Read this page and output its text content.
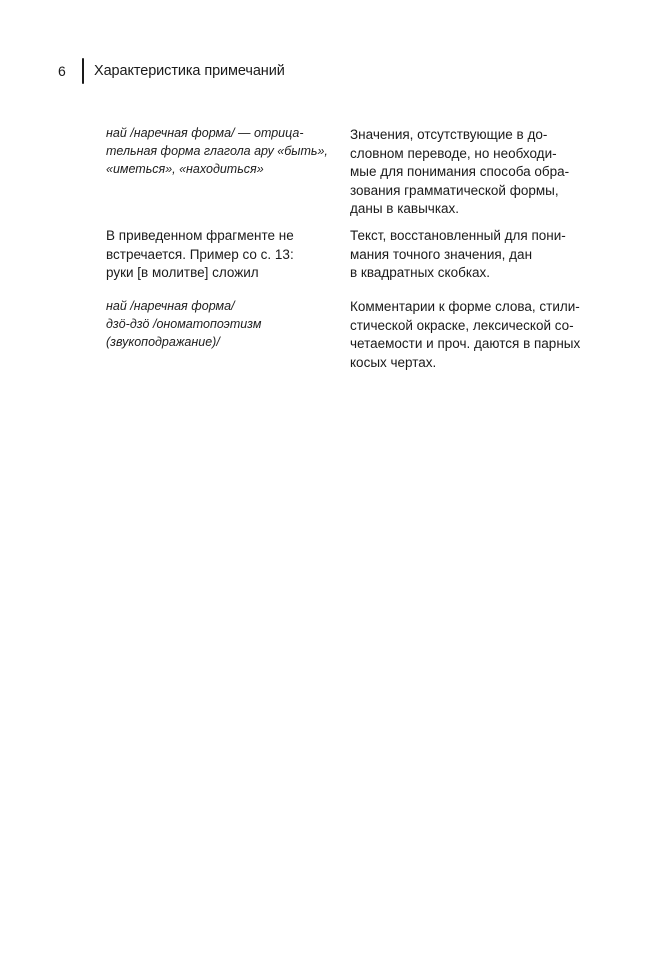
6	Характеристика примечаний
най /наречная форма/ — отрица-
тельная форма глагола ару «быть»,
«иметься», «находиться»
Значения, отсутствующие в до-
словном переводе, но необходи-
мые для понимания способа обра-
зования грамматической формы,
даны в кавычках.
В приведенном фрагменте не
встречается. Пример со с. 13:
руки [в молитве] сложил
Текст, восстановленный для пони-
мания точного значения, дан
в квадратных скобках.
най /наречная форма/
дзӧ-дзӧ /ономатопоэтизм
(звукоподражание)/
Комментарии к форме слова, стили-
стической окраске, лексической со-
четаемости и проч. даются в парных
косых чертах.
